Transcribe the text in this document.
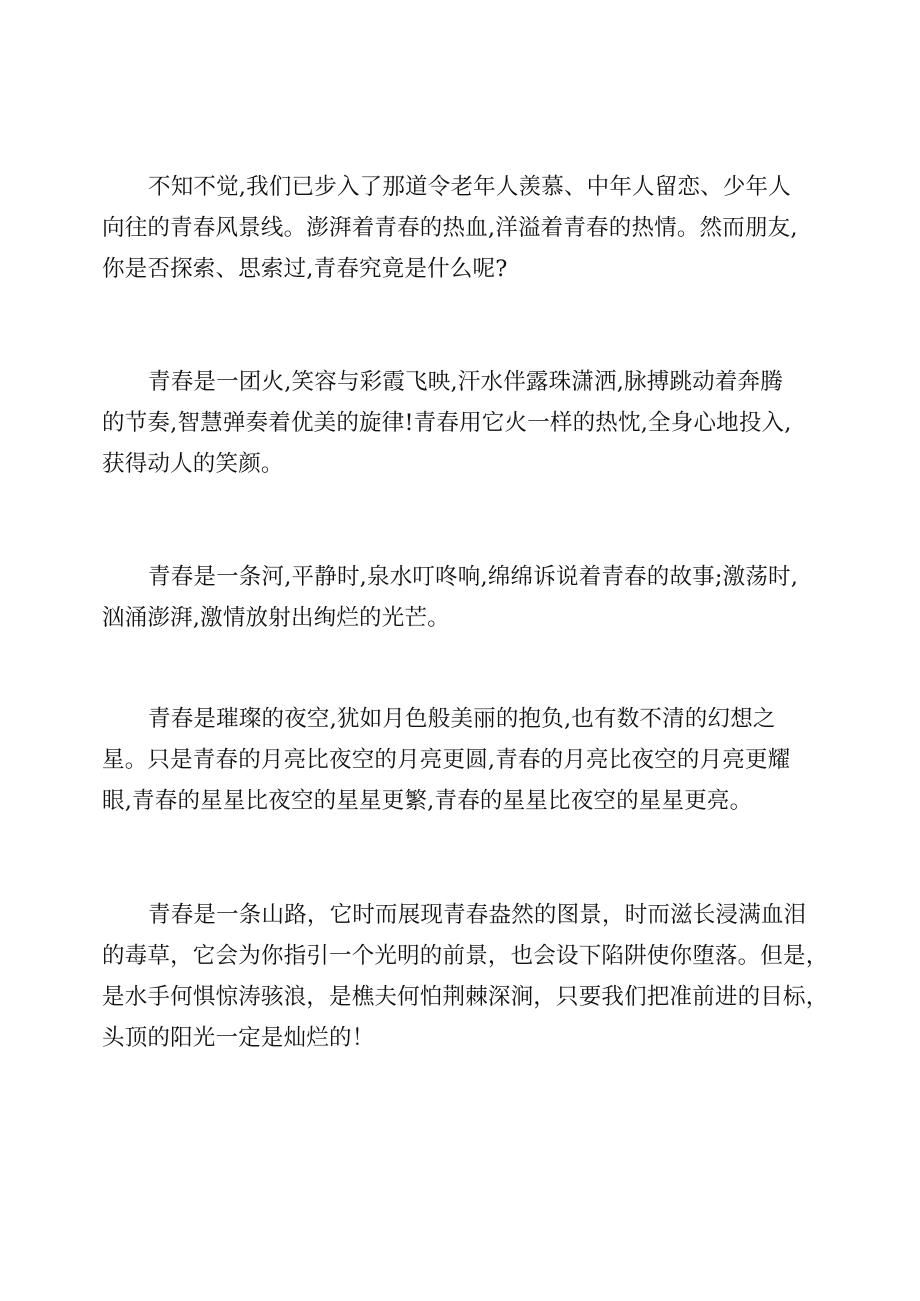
不知不觉,我们已步入了那道令老年人羡慕、中年人留恋、少年人
向往的青春风景线。澎湃着青春的热血,洋溢着青春的热情。然而朋友,
你是否探索、思索过,青春究竟是什么呢?

青春是一团火,笑容与彩霞飞映,汗水伴露珠潇洒,脉搏跳动着奔腾
的节奏,智慧弹奏着优美的旋律!青春用它火一样的热忱,全身心地投入,
获得动人的笑颜。

青春是一条河,平静时,泉水叮咚响,绵绵诉说着青春的故事;激荡时,
汹涌澎湃,激情放射出绚烂的光芒。

青春是璀璨的夜空,犹如月色般美丽的抱负,也有数不清的幻想之
星。只是青春的月亮比夜空的月亮更圆,青春的月亮比夜空的月亮更耀
眼,青春的星星比夜空的星星更繁,青春的星星比夜空的星星更亮。

青春是一条山路，它时而展现青春盎然的图景，时而滋长浸满血泪
的毒草，它会为你指引一个光明的前景，也会设下陷阱使你堕落。但是，
是水手何惧惊涛骇浪，是樵夫何怕荆棘深涧，只要我们把准前进的目标，
头顶的阳光一定是灿烂的！
